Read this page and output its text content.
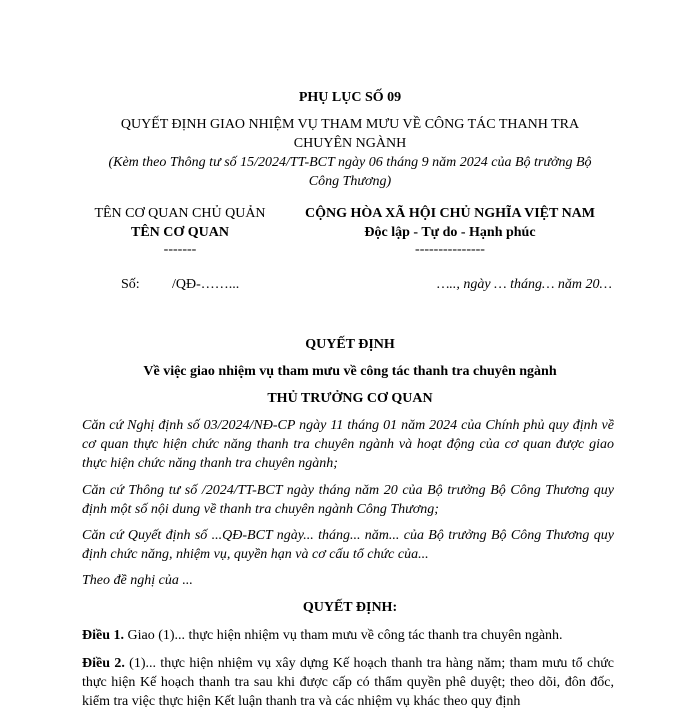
PHỤ LỤC SỐ 09
QUYẾT ĐỊNH GIAO NHIỆM VỤ THAM MƯU VỀ CÔNG TÁC THANH TRA
CHUYÊN NGÀNH
(Kèm theo Thông tư số 15/2024/TT-BCT ngày 06 tháng 9 năm 2024 của Bộ trưởng Bộ
Công Thương)
TÊN CƠ QUAN CHỦ QUẢN
TÊN CƠ QUAN
-------
CỘNG HÒA XÃ HỘI CHỦ NGHĨA VIỆT NAM
Độc lập - Tự do - Hạnh phúc
---------------
Số: /QĐ-……...	….., ngày … tháng… năm 20…
QUYẾT ĐỊNH
Về việc giao nhiệm vụ tham mưu về công tác thanh tra chuyên ngành
THỦ TRƯỞNG CƠ QUAN
Căn cứ Nghị định số 03/2024/NĐ-CP ngày 11 tháng 01 năm 2024 của Chính phủ quy định về cơ quan thực hiện chức năng thanh tra chuyên ngành và hoạt động của cơ quan được giao thực hiện chức năng thanh tra chuyên ngành;
Căn cứ Thông tư số /2024/TT-BCT ngày tháng năm 20 của Bộ trưởng Bộ Công Thương quy định một số nội dung về thanh tra chuyên ngành Công Thương;
Căn cứ Quyết định số ...QĐ-BCT ngày... tháng... năm... của Bộ trưởng Bộ Công Thương quy định chức năng, nhiệm vụ, quyền hạn và cơ cấu tổ chức của...
Theo đề nghị của ...
QUYẾT ĐỊNH:
Điều 1. Giao (1)... thực hiện nhiệm vụ tham mưu về công tác thanh tra chuyên ngành.
Điều 2. (1)... thực hiện nhiệm vụ xây dựng Kế hoạch thanh tra hàng năm; tham mưu tổ chức thực hiện Kế hoạch thanh tra sau khi được cấp có thẩm quyền phê duyệt; theo dõi, đôn đốc, kiểm tra việc thực hiện Kết luận thanh tra và các nhiệm vụ khác theo quy định
